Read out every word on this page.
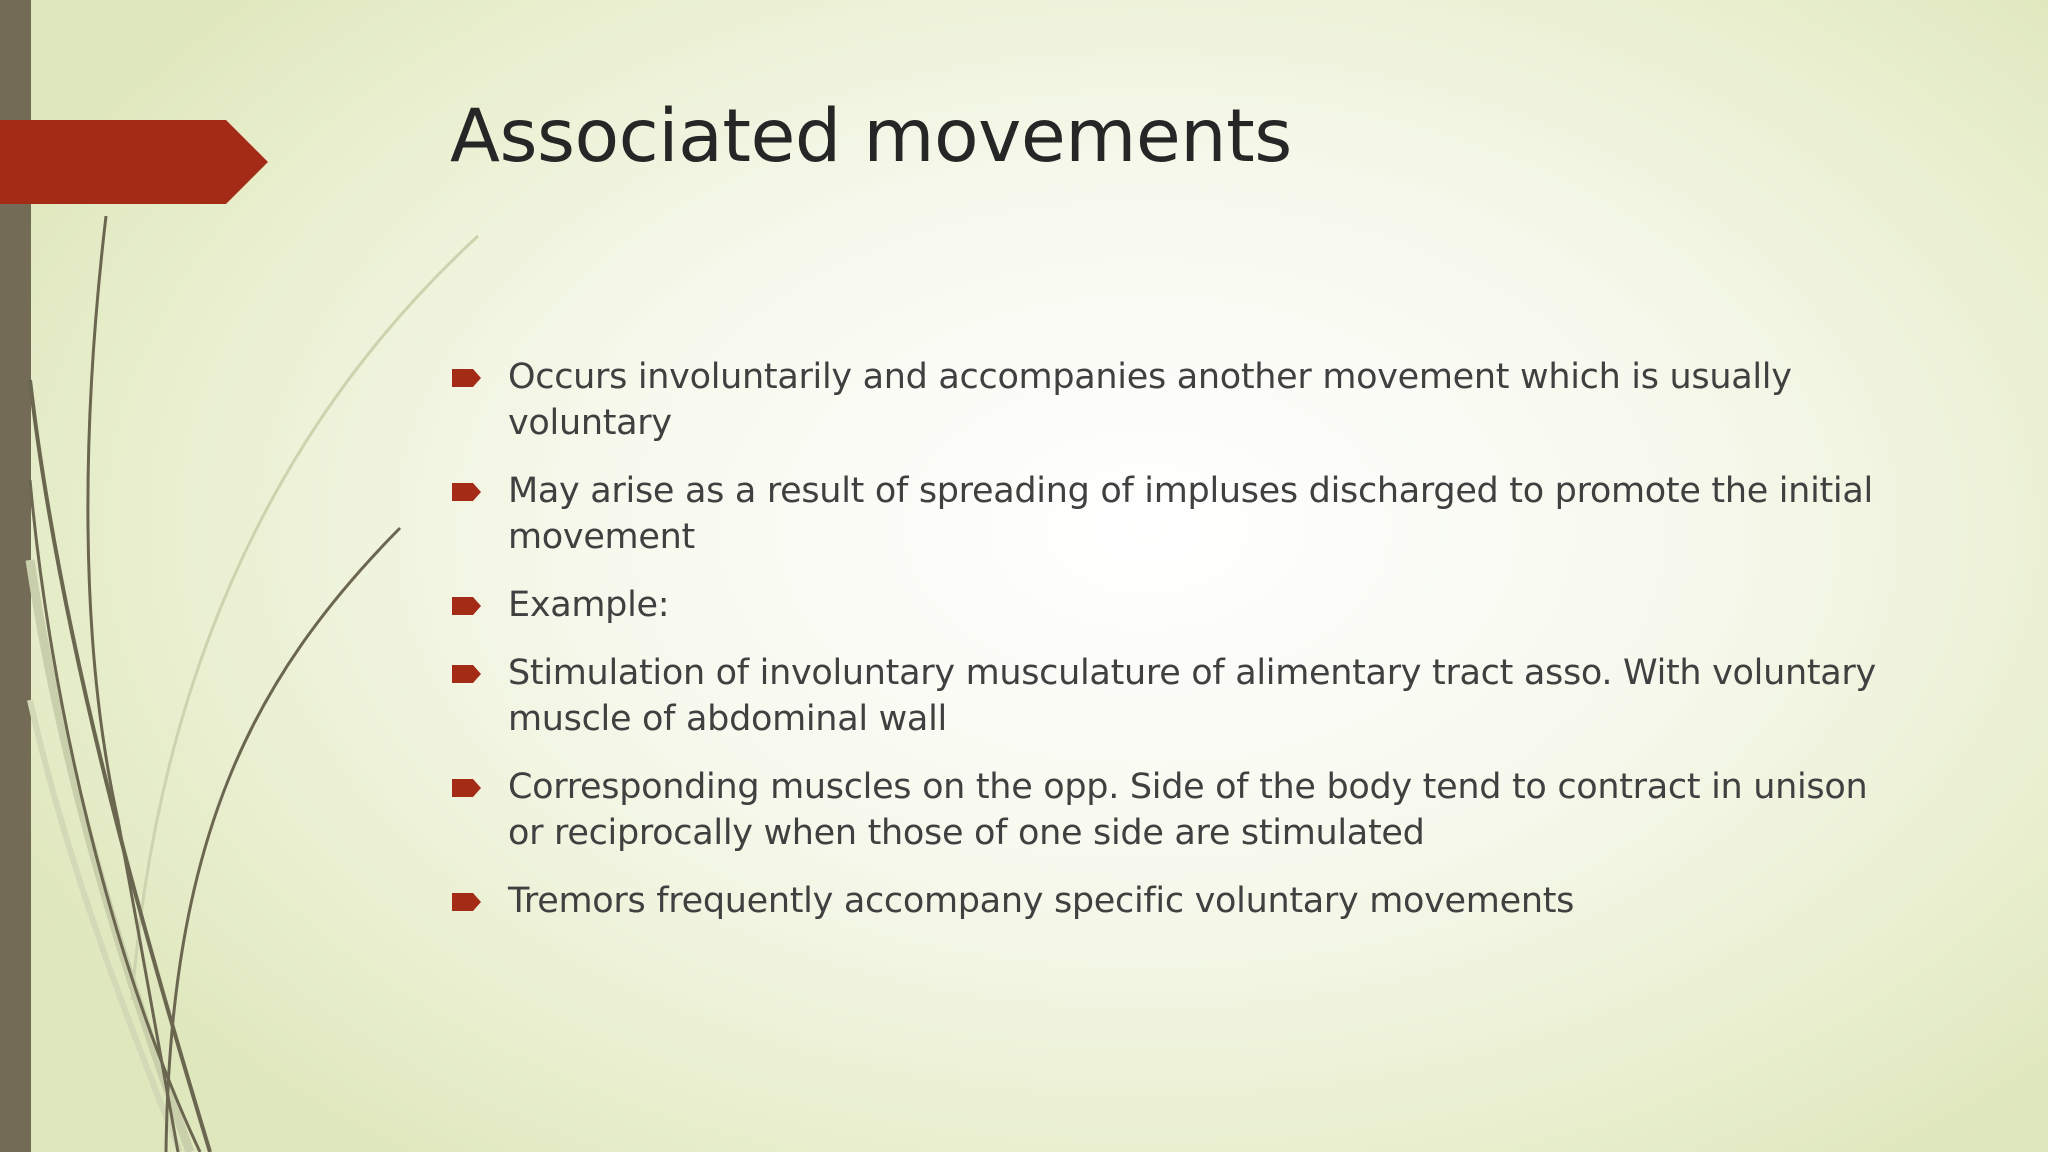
Associated movements
Occurs involuntarily and accompanies another movement which is usually voluntary
May arise as a result of spreading of impluses discharged to promote the initial movement
Example:
Stimulation of involuntary musculature of alimentary tract asso. With voluntary muscle of abdominal wall
Corresponding muscles on the opp. Side of the body tend to contract in unison or reciprocally when those of one side are stimulated
Tremors frequently accompany specific voluntary movements
